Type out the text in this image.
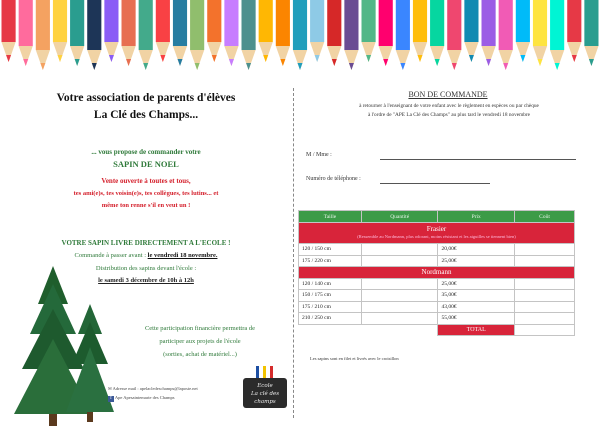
Votre association de parents d'élèves
La Clé des Champs...
... vous propose de commander votre
SAPIN DE NOEL
Vente ouverte à toutes et tous,
tes ami(e)s, tes voisin(e)s, tes collègues, tes lutins... et
même ton renne s'il en veut un !
VOTRE SAPIN LIVRE DIRECTEMENT A L'ECOLE !
Commande à passer avant : le vendredi 18 novembre.
Distribution des sapins devant l'école :
le samedi 3 décembre de 10h à 12h
Cette participation financière permettra de
participer aux projets de l'école
(sorties, achat de matériel...)
✉ Adresse mail : apelacledeschamps@laposte.net
f Ape Apesaintemarie des Champs
Ecole
La clé des champs
BON DE COMMANDE
à retourner à l'enseignant de votre enfant avec le règlement en espèces ou par chèque
à l'ordre de "APE La Clé des Champs" au plus tard le vendredi 18 novembre
M / Mme :
Numéro de téléphone :
Taille	Quantité	Prix	Coût

Frasier
(Ressemble au Nordmann, plus odorant, moins résistant et les aiguilles se tiennent bien)			

120 / 150 cm		20,00€	
175 / 220 cm		25,00€	
Nordmann			
120 / 140 cm		25,00€	
150 / 175 cm		35,00€	
175 / 210 cm		43,00€	
210 / 250 cm		55,00€	
		TOTAL	
Les sapins sont en filet et livrés avec le croisillon
